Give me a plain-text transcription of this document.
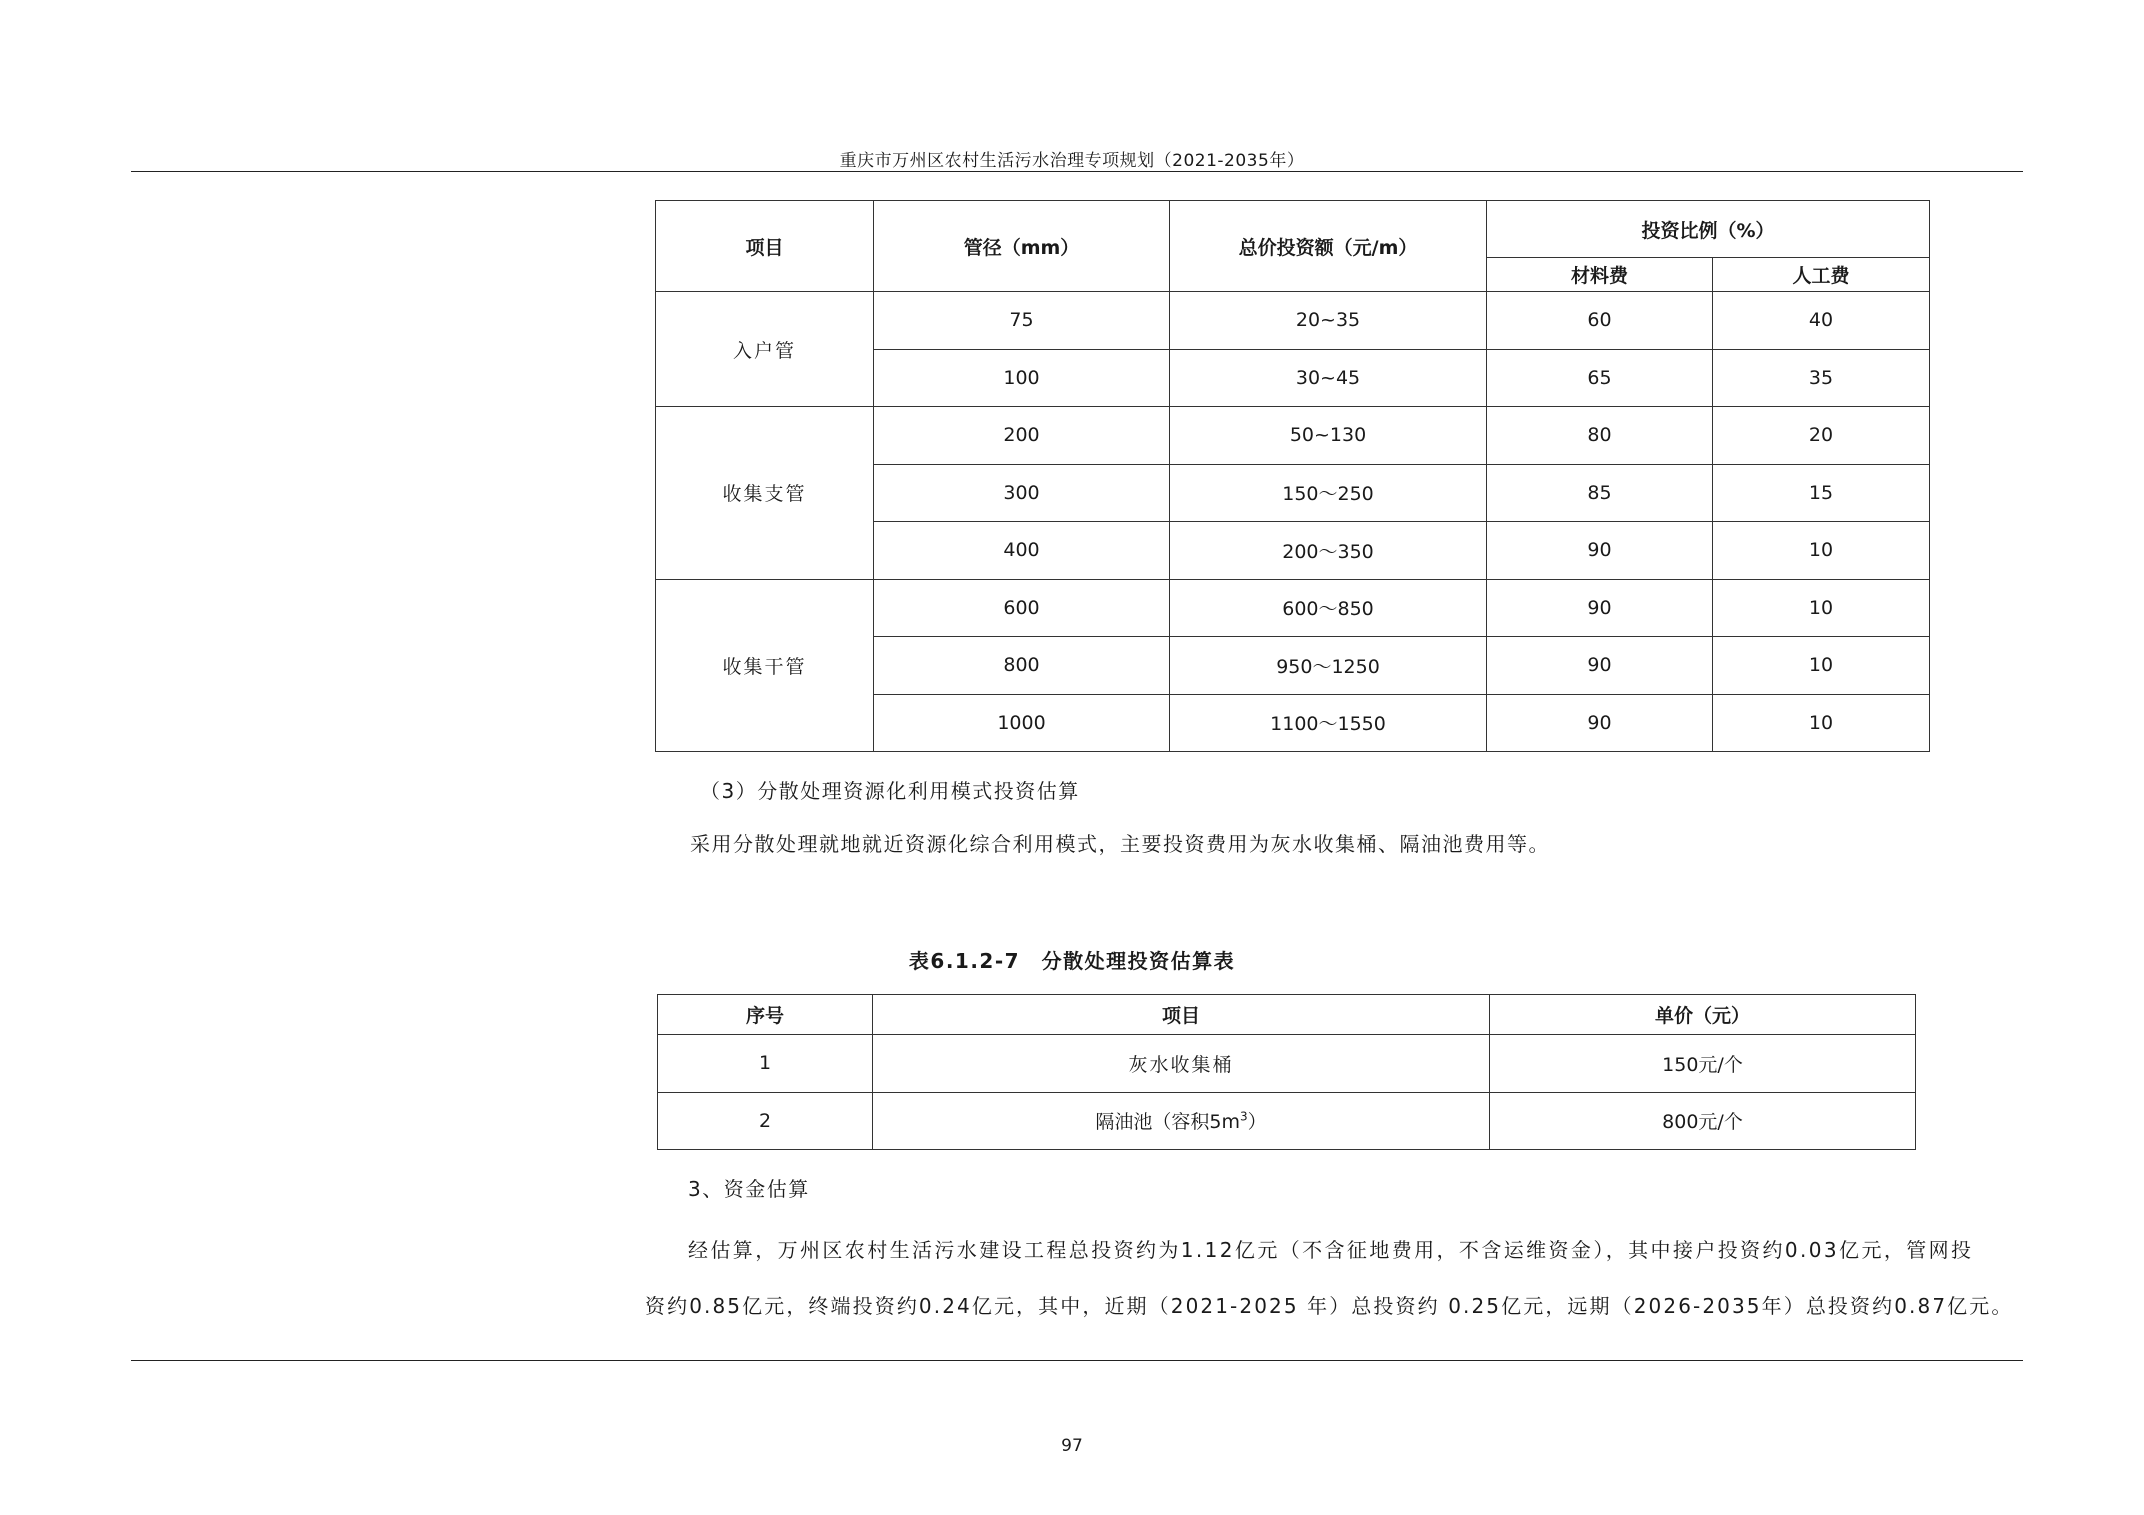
重庆市万州区农村生活污水治理专项规划（2021-2035年）
项目	管径（mm）	总价投资额（元/m）	投资比例（%）	
			材料费	人工费
入户管	75	20~35	60	40
	100	30~45	65	35
收集支管	200	50~130	80	20
	300	150～250	85	15
	400	200～350	90	10
收集干管	600	600～850	90	10
	800	950～1250	90	10
	1000	1100～1550	90	10
（3）分散处理资源化利用模式投资估算
采用分散处理就地就近资源化综合利用模式，主要投资费用为灰水收集桶、隔油池费用等。
表6.1.2-7　分散处理投资估算表
序号	项目	单价（元）
1	灰水收集桶	150元/个
2	隔油池（容积$5m^3$）	800元/个
3、资金估算
经估算，万州区农村生活污水建设工程总投资约为1.12亿元（不含征地费用，不含运维资金），其中接户投资约0.03亿元，管网投
资约0.85亿元，终端投资约0.24亿元，其中，近期（2021-2025 年）总投资约 0.25亿元，远期（2026-2035年）总投资约0.87亿元。
97
